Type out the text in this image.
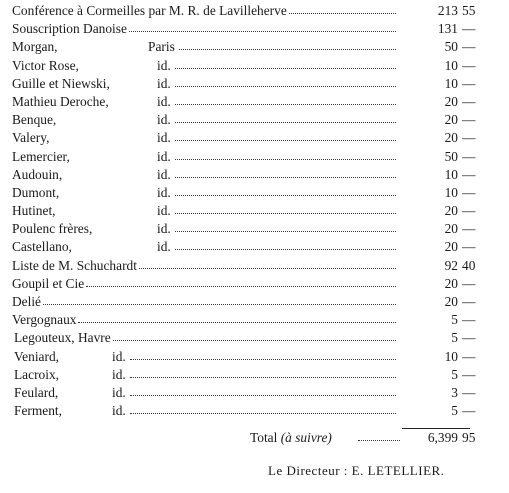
Conférence à Cormeilles par M. R. de Lavilleherve	213 55
Souscription Danoise	131 —
Morgan,	Paris	50 —
Victor Rose,	id.	10 —
Guille et Niewski,	id.	10 —
Mathieu Deroche,	id.	20 —
Benque,	id.	20 —
Valery,	id.	20 —
Lemercier,	id.	50 —
Audouin,	id.	10 —
Dumont,	id.	10 —
Hutinet,	id.	20 —
Poulenc frères,	id.	20 —
Castellano,	id.	20 —
Liste de M. Schuchardt	92 40
Goupil et Cie	20 —
Delié	20 —
Vergognaux	5 —
Legouteux, Havre	5 —
Veniard,	id.	10 —
Lacroix,	id.	5 —
Feulard,	id.	3 —
Ferment,	id.	5 —
Total (à suivre)	6,399 95
Le Directeur : E. LETELLIER.
